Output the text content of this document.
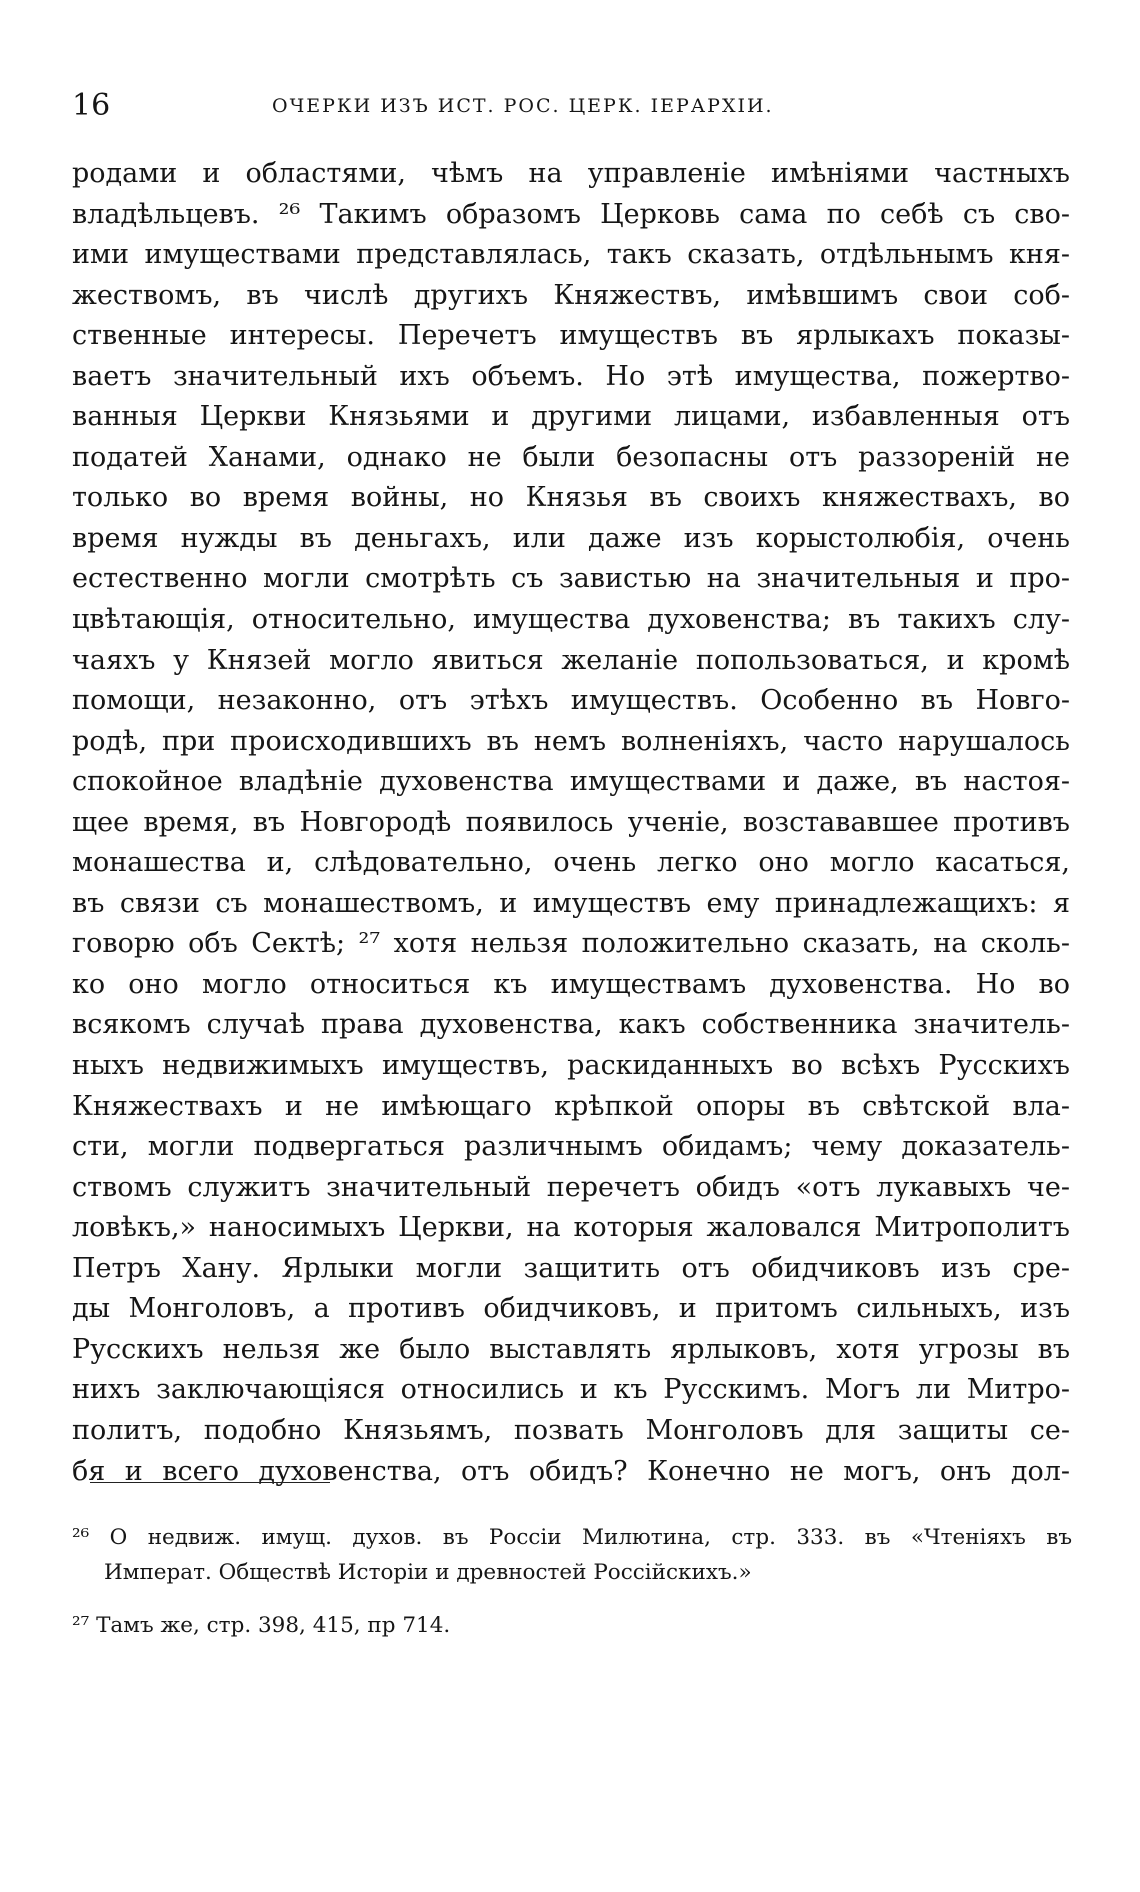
16	ОЧЕРКИ ИЗЪ ИСТ. РОС. ЦЕРК. ІЕРАРХІИ.
родами и областями, чѣмъ на управленіе имѣніями частныхъ
владѣльцевъ. ²⁶ Такимъ образомъ Церковь сама по себѣ съ сво-
ими имуществами представлялась, такъ сказать, отдѣльнымъ кня-
жествомъ, въ числѣ другихъ Княжествъ, имѣвшимъ свои соб-
ственные интересы. Перечетъ имуществъ въ ярлыкахъ показы-
ваетъ значительный ихъ объемъ. Но этѣ имущества, пожертво-
ванныя Церкви Князьями и другими лицами, избавленныя отъ
податей Ханами, однако не были безопасны отъ раззореній не
только во время войны, но Князья въ своихъ княжествахъ, во
время нужды въ деньгахъ, или даже изъ корыстолюбія, очень
естественно могли смотрѣть съ завистью на значительныя и про-
цвѣтающія, относительно, имущества духовенства; въ такихъ слу-
чаяхъ у Князей могло явиться желаніе попользоваться, и кромѣ
помощи, незаконно, отъ этѣхъ имуществъ. Особенно въ Новго-
родѣ, при происходившихъ въ немъ волненіяхъ, часто нарушалось
спокойное владѣніе духовенства имуществами и даже, въ настоя-
щее время, въ Новгородѣ появилось ученіе, возстававшее противъ
монашества и, слѣдовательно, очень легко оно могло касаться,
въ связи съ монашествомъ, и имуществъ ему принадлежащихъ: я
говорю объ Сектѣ; ²⁷ хотя нельзя положительно сказать, на сколь-
ко оно могло относиться къ имуществамъ духовенства. Но во
всякомъ случаѣ права духовенства, какъ собственника значитель-
ныхъ недвижимыхъ имуществъ, раскиданныхъ во всѣхъ Русскихъ
Княжествахъ и не имѣющаго крѣпкой опоры въ свѣтской вла-
сти, могли подвергаться различнымъ обидамъ; чему доказатель-
ствомъ служитъ значительный перечетъ обидъ «отъ лукавыхъ че-
ловѣкъ,» наносимыхъ Церкви, на которыя жаловался Митрополитъ
Петръ Хану. Ярлыки могли защитить отъ обидчиковъ изъ сре-
ды Монголовъ, а противъ обидчиковъ, и притомъ сильныхъ, изъ
Русскихъ нельзя же было выставлять ярлыковъ, хотя угрозы въ
нихъ заключающіяся относились и къ Русскимъ. Могъ ли Митро-
политъ, подобно Князьямъ, позвать Монголовъ для защиты се-
бя и всего духовенства, отъ обидъ? Конечно не могъ, онъ дол-
²⁶ О недвиж. имущ. духов. въ Россіи Милютина, стр. 333. въ «Чтеніяхъ въ
Императ. Обществѣ Исторіи и древностей Россійскихъ.»
²⁷ Тамъ же, стр. 398, 415, пр 714.
